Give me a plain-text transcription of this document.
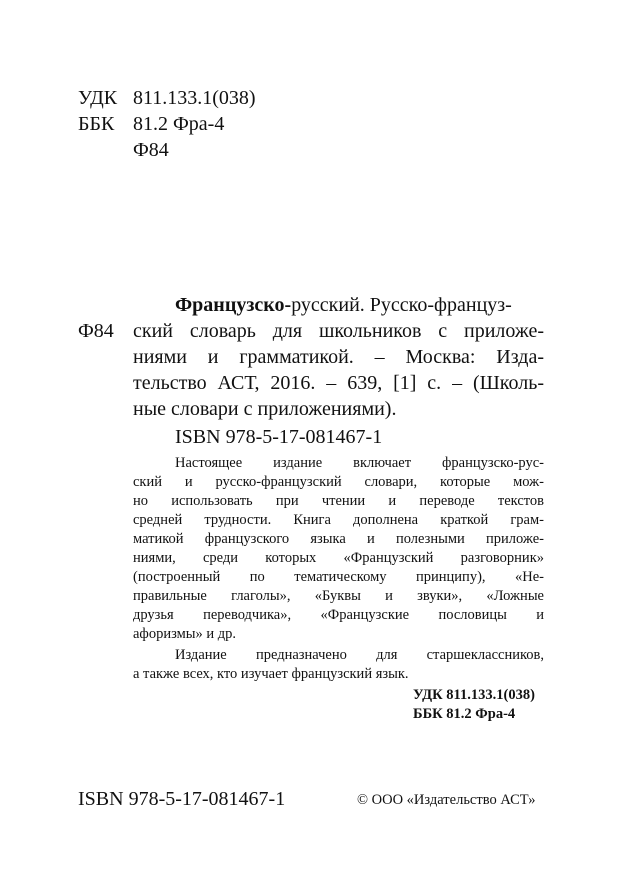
УДК 811.133.1(038)
ББК 81.2 Фра-4
Ф84
Ф84
Французско-русский. Русско-француз-
ский словарь для школьников с приложе-
ниями и грамматикой. – Москва: Изда-
тельство АСТ, 2016. – 639, [1] с. – (Школь-
ные словари с приложениями).
ISBN 978-5-17-081467-1
Настоящее издание включает французско-рус-
ский и русско-французский словари, которые мож-
но использовать при чтении и переводе текстов
средней трудности. Книга дополнена краткой грам-
матикой французского языка и полезными приложе-
ниями, среди которых «Французский разговорник»
(построенный по тематическому принципу), «Не-
правильные глаголы», «Буквы и звуки», «Ложные
друзья переводчика», «Французские пословицы и
афоризмы» и др.
Издание предназначено для старшеклассников,
а также всех, кто изучает французский язык.
УДК 811.133.1(038)
ББК 81.2 Фра-4
ISBN 978-5-17-081467-1	© ООО «Издательство АСТ»
